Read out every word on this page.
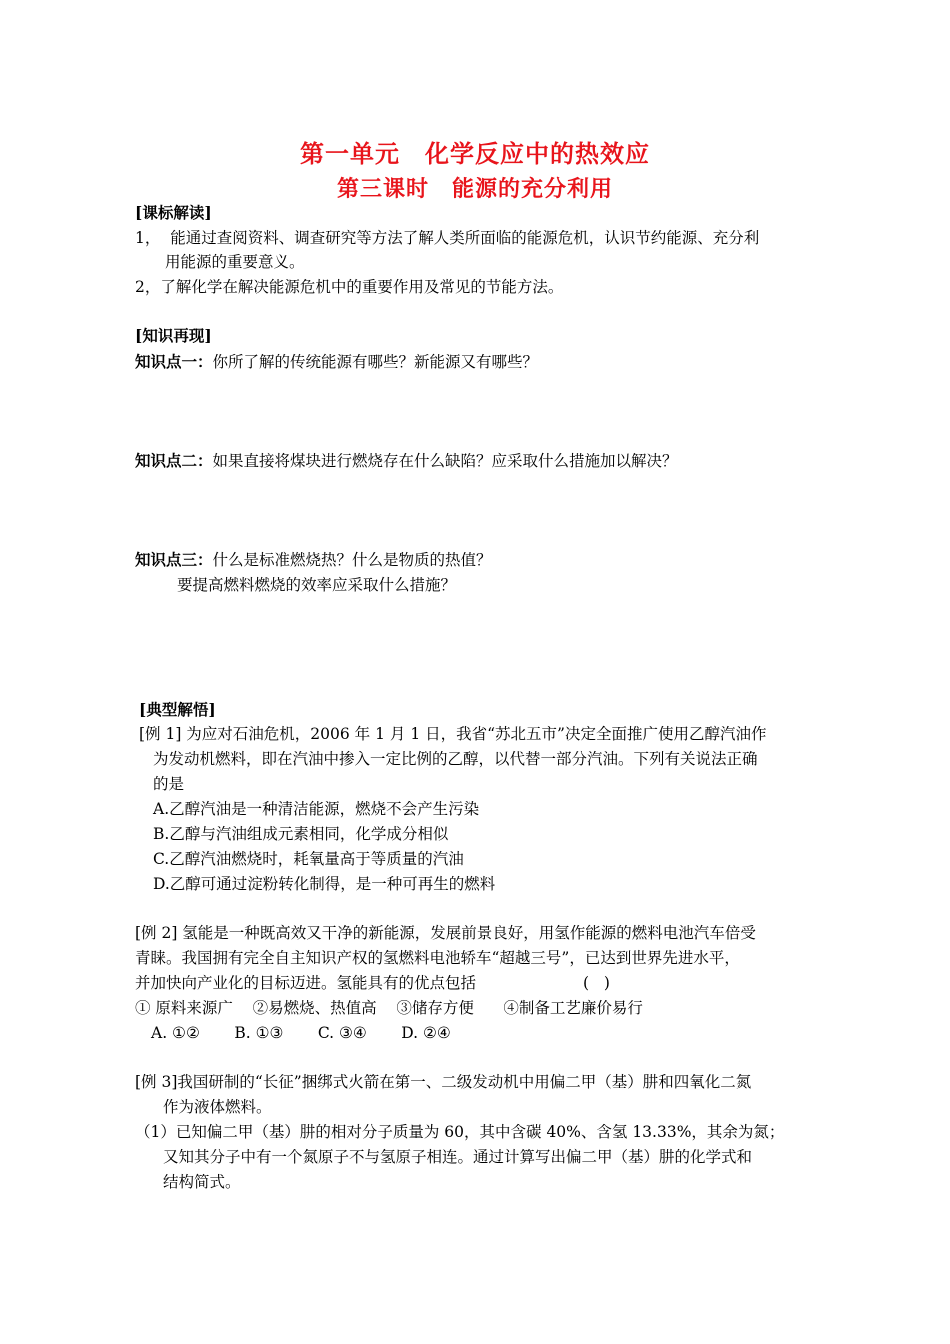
第一单元　化学反应中的热效应
第三课时　能源的充分利用
[课标解读]
1，  能通过查阅资料、调查研究等方法了解人类所面临的能源危机，认识节约能源、充分利
用能源的重要意义。
2，了解化学在解决能源危机中的重要作用及常见的节能方法。
[知识再现]
知识点一：你所了解的传统能源有哪些？新能源又有哪些？
知识点二：如果直接将煤块进行燃烧存在什么缺陷？应采取什么措施加以解决？
知识点三：什么是标准燃烧热？什么是物质的热值？
要提高燃料燃烧的效率应采取什么措施？
[典型解悟]
[例 1] 为应对石油危机，2006 年 1 月 1 日，我省“苏北五市”决定全面推广使用乙醇汽油作
为发动机燃料，即在汽油中掺入一定比例的乙醇，以代替一部分汽油。下列有关说法正确
的是
A.乙醇汽油是一种清洁能源，燃烧不会产生污染
B.乙醇与汽油组成元素相同，化学成分相似
C.乙醇汽油燃烧时，耗氧量高于等质量的汽油
D.乙醇可通过淀粉转化制得，是一种可再生的燃料
[例 2] 氢能是一种既高效又干净的新能源，发展前景良好，用氢作能源的燃料电池汽车倍受
青睐。我国拥有完全自主知识产权的氢燃料电池轿车“超越三号”，已达到世界先进水平，
并加快向产业化的目标迈进。氢能具有的优点包括	(   )
① 原料来源广    ②易燃烧、热值高    ③储存方便      ④制备工艺廉价易行
A. ①②       B. ①③       C. ③④       D. ②④
[例 3]我国研制的“长征”捆绑式火箭在第一、二级发动机中用偏二甲（基）肼和四氧化二氮
作为液体燃料。
（1）已知偏二甲（基）肼的相对分子质量为 60，其中含碳 40%、含氢 13.33%，其余为氮；
又知其分子中有一个氮原子不与氢原子相连。通过计算写出偏二甲（基）肼的化学式和
结构简式。
